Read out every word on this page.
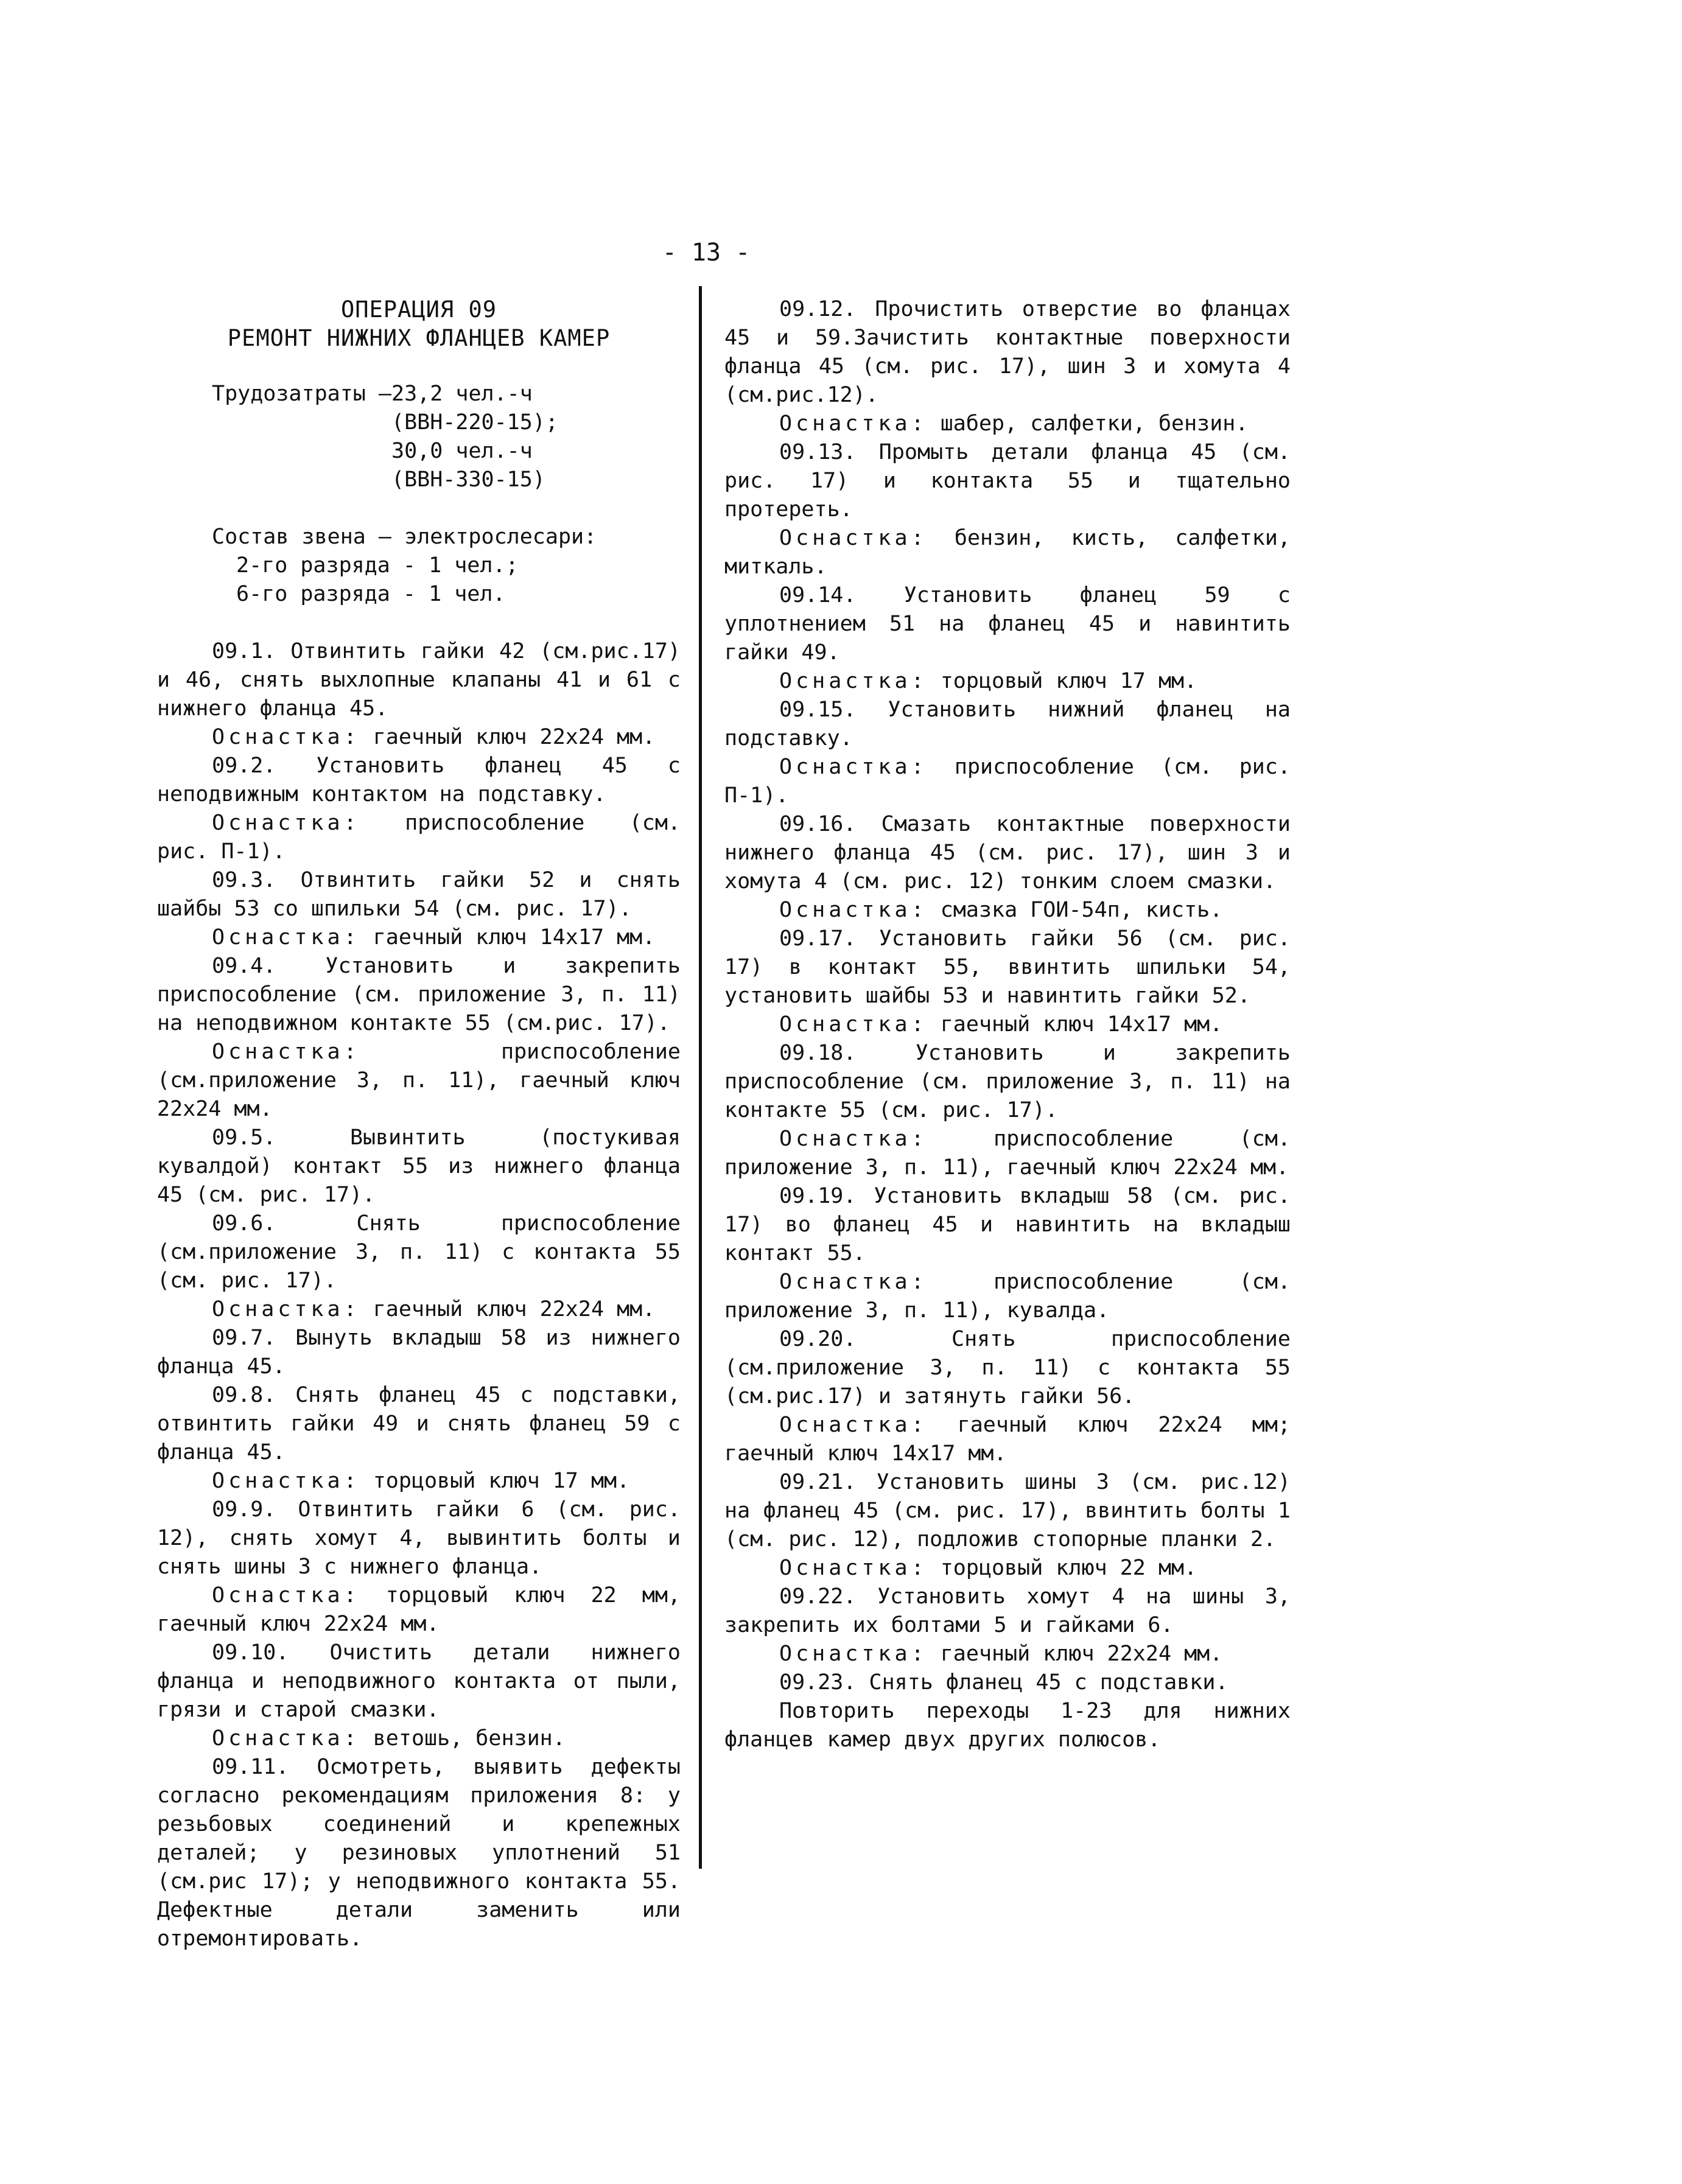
- 13 -
ОПЕРАЦИЯ 09
РЕМОНТ НИЖНИХ ФЛАНЦЕВ КАМЕР
Трудозатраты — 23,2 чел.-ч
(ВВН-220-15);
30,0 чел.-ч
(ВВН-330-15)
Состав звена — электрослесари:
2-го разряда - 1 чел.;
6-го разряда - 1 чел.

09.1. Отвинтить гайки 42 (см.рис.17) и 46, снять выхлопные клапаны 41 и 61 с нижнего фланца 45.

Оснастка: гаечный ключ 22х24 мм.

09.2. Установить фланец 45 с неподвижным контактом на подставку.

Оснастка: приспособление (см. рис. П-1).

09.3. Отвинтить гайки 52 и снять шайбы 53 со шпильки 54 (см. рис. 17).

Оснастка: гаечный ключ 14х17 мм.

09.4. Установить и закрепить приспособление (см. приложение 3, п. 11) на неподвижном контакте 55 (см.рис. 17).

Оснастка: приспособление (см.приложение 3, п. 11), гаечный ключ 22х24 мм.

09.5. Вывинтить (постукивая кувалдой) контакт 55 из нижнего фланца 45 (см. рис. 17).

09.6. Снять приспособление (см.приложение 3, п. 11) с контакта 55 (см. рис. 17).

Оснастка: гаечный ключ 22х24 мм.

09.7. Вынуть вкладыш 58 из нижнего фланца 45.

09.8. Снять фланец 45 с подставки, отвинтить гайки 49 и снять фланец 59 с фланца 45.

Оснастка: торцовый ключ 17 мм.

09.9. Отвинтить гайки 6 (см. рис. 12), снять хомут 4, вывинтить болты и снять шины 3 с нижнего фланца.

Оснастка: торцовый ключ 22 мм, гаечный ключ 22х24 мм.

09.10. Очистить детали нижнего фланца и неподвижного контакта от пыли, грязи и старой смазки.

Оснастка: ветошь, бензин.

09.11. Осмотреть, выявить дефекты согласно рекомендациям приложения 8: у резьбовых соединений и крепежных деталей; у резиновых уплотнений 51 (см.рис 17); у неподвижного контакта 55. Дефектные детали заменить или отремонтировать.

09.12. Прочистить отверстие во фланцах 45 и 59.Зачистить контактные поверхности фланца 45 (см. рис. 17), шин 3 и хомута 4 (см.рис.12).

Оснастка: шабер, салфетки, бензин.

09.13. Промыть детали фланца 45 (см. рис. 17) и контакта 55 и тщательно протереть.

Оснастка: бензин, кисть, салфетки, миткаль.

09.14. Установить фланец 59 с уплотнением 51 на фланец 45 и навинтить гайки 49.

Оснастка: торцовый ключ 17 мм.

09.15. Установить нижний фланец на подставку.

Оснастка: приспособление (см. рис. П-1).

09.16. Смазать контактные поверхности нижнего фланца 45 (см. рис. 17), шин 3 и хомута 4 (см. рис. 12) тонким слоем смазки.

Оснастка: смазка ГОИ-54п, кисть.

09.17. Установить гайки 56 (см. рис. 17) в контакт 55, ввинтить шпильки 54, установить шайбы 53 и навинтить гайки 52.

Оснастка: гаечный ключ 14х17 мм.

09.18. Установить и закрепить приспособление (см. приложение 3, п. 11) на контакте 55 (см. рис. 17).

Оснастка: приспособление (см. приложение 3, п. 11), гаечный ключ 22х24 мм.

09.19. Установить вкладыш 58 (см. рис. 17) во фланец 45 и навинтить на вкладыш контакт 55.

Оснастка: приспособление (см. приложение 3, п. 11), кувалда.

09.20. Снять приспособление (см.приложение 3, п. 11) с контакта 55 (см.рис.17) и затянуть гайки 56.

Оснастка: гаечный ключ 22х24 мм; гаечный ключ 14х17 мм.

09.21. Установить шины 3 (см. рис.12) на фланец 45 (см. рис. 17), ввинтить болты 1 (см. рис. 12), подложив стопорные планки 2.

Оснастка: торцовый ключ 22 мм.

09.22. Установить хомут 4 на шины 3, закрепить их болтами 5 и гайками 6.

Оснастка: гаечный ключ 22х24 мм.

09.23. Снять фланец 45 с подставки.

Повторить переходы 1-23 для нижних фланцев камер двух других полюсов.
